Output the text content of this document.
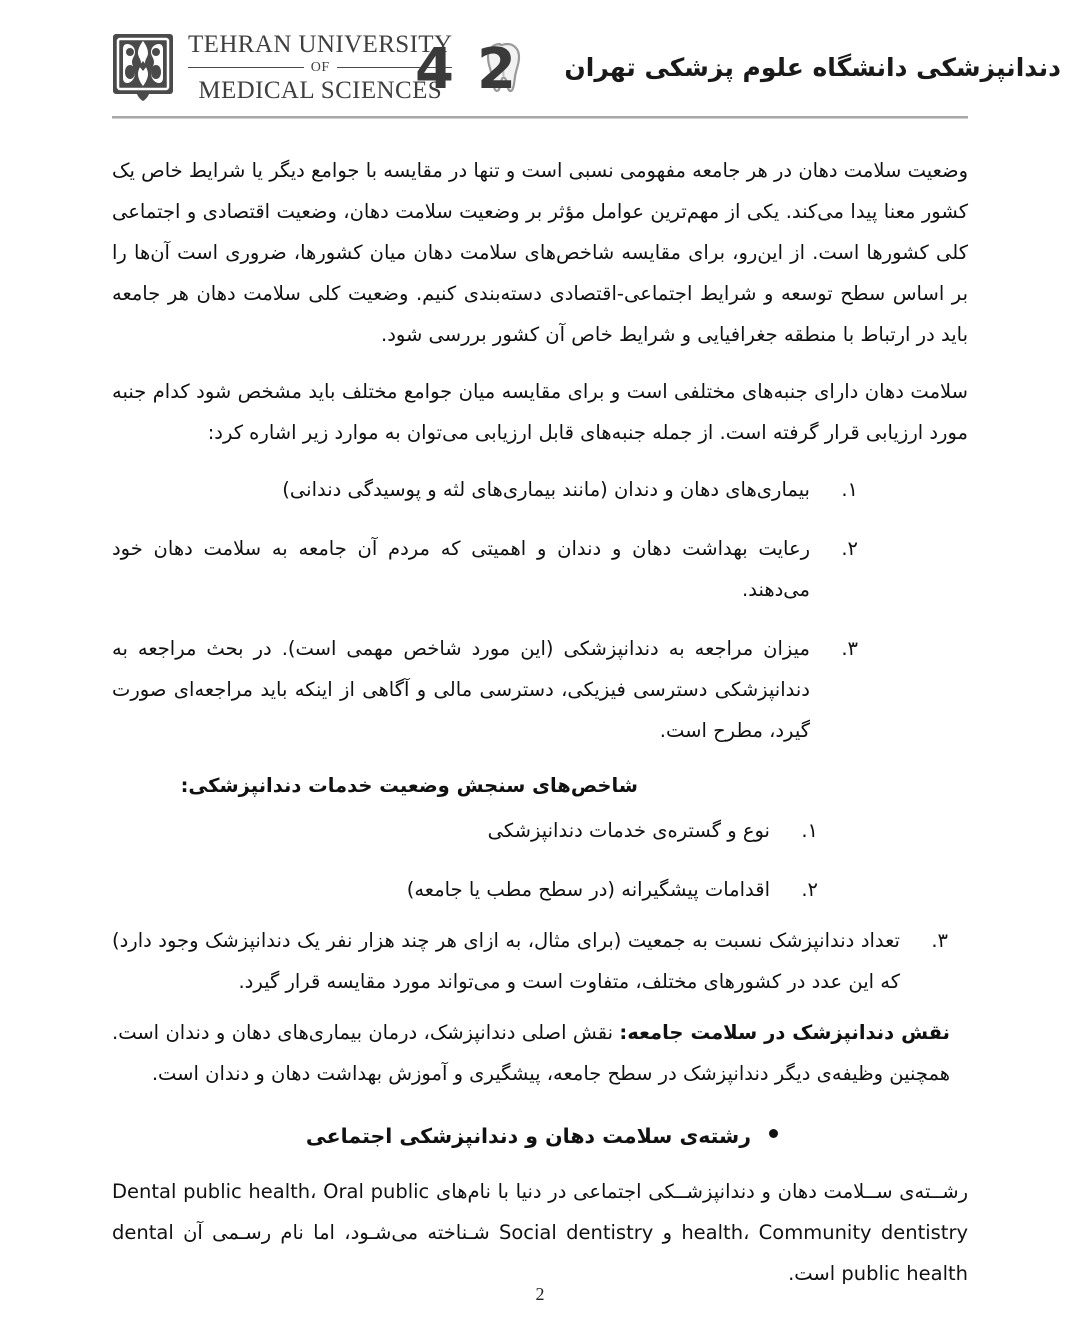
TEHRAN UNIVERSITY
OF
MEDICAL SCIENCES
دندانپزشکی دانشگاه علوم پزشکی تهران
4 2

وضعیت سلامت دهان در هر جامعه مفهومی نسبی است و تنها در مقایسه با جوامع دیگر یا شرایط خاص یک کشور معنا پیدا می‌کند. یکی از مهم‌ترین عوامل مؤثر بر وضعیت سلامت دهان، وضعیت اقتصادی و اجتماعی کلی کشورها است. از این‌رو، برای مقایسه شاخص‌های سلامت دهان میان کشورها، ضروری است آن‌ها را بر اساس سطح توسعه و شرایط اجتماعی-اقتصادی دسته‌بندی کنیم. وضعیت کلی سلامت دهان هر جامعه باید در ارتباط با منطقه جغرافیایی و شرایط خاص آن کشور بررسی شود.

سلامت دهان دارای جنبه‌های مختلفی است و برای مقایسه میان جوامع مختلف باید مشخص شود کدام جنبه مورد ارزیابی قرار گرفته است. از جمله جنبه‌های قابل ارزیابی می‌توان به موارد زیر اشاره کرد:

۱.
بیماری‌های دهان و دندان (مانند بیماری‌های لثه و پوسیدگی دندانی)
۲.
رعایت بهداشت دهان و دندان و اهمیتی که مردم آن جامعه به سلامت دهان خود می‌دهند.
۳.
میزان مراجعه به دندانپزشکی (این مورد شاخص مهمی است). در بحث مراجعه به دندانپزشکی دسترسی فیزیکی، دسترسی مالی و آگاهی از اینکه باید مراجعه‌ای صورت گیرد، مطرح است.

شاخص‌های سنجش وضعیت خدمات دندانپزشکی:

۱.
نوع و گستره‌ی خدمات دندانپزشکی
۲.
اقدامات پیشگیرانه (در سطح مطب یا جامعه)
۳.
تعداد دندانپزشک نسبت به جمعیت (برای مثال، به ازای هر چند هزار نفر یک دندانپزشک وجود دارد) که این عدد در کشورهای مختلف، متفاوت است و می‌تواند مورد مقایسه قرار گیرد.

نقش دندانپزشک در سلامت جامعه: نقش اصلی دندانپزشک، درمان بیماری‌های دهان و دندان است. همچنین وظیفه‌ی دیگر دندانپزشک در سطح جامعه، پیشگیری و آموزش بهداشت دهان و دندان است.

رشته‌ی سلامت دهان و دندانپزشکی اجتماعی

رشــته‌ی ســلامت دهان و دندانپزشــکی اجتماعی در دنیا با نام‌های Dental public health، Oral public health، Community dentistry و Social dentistry شـناخته می‌شـود، اما نام رسـمی آن dental public health است.

2
